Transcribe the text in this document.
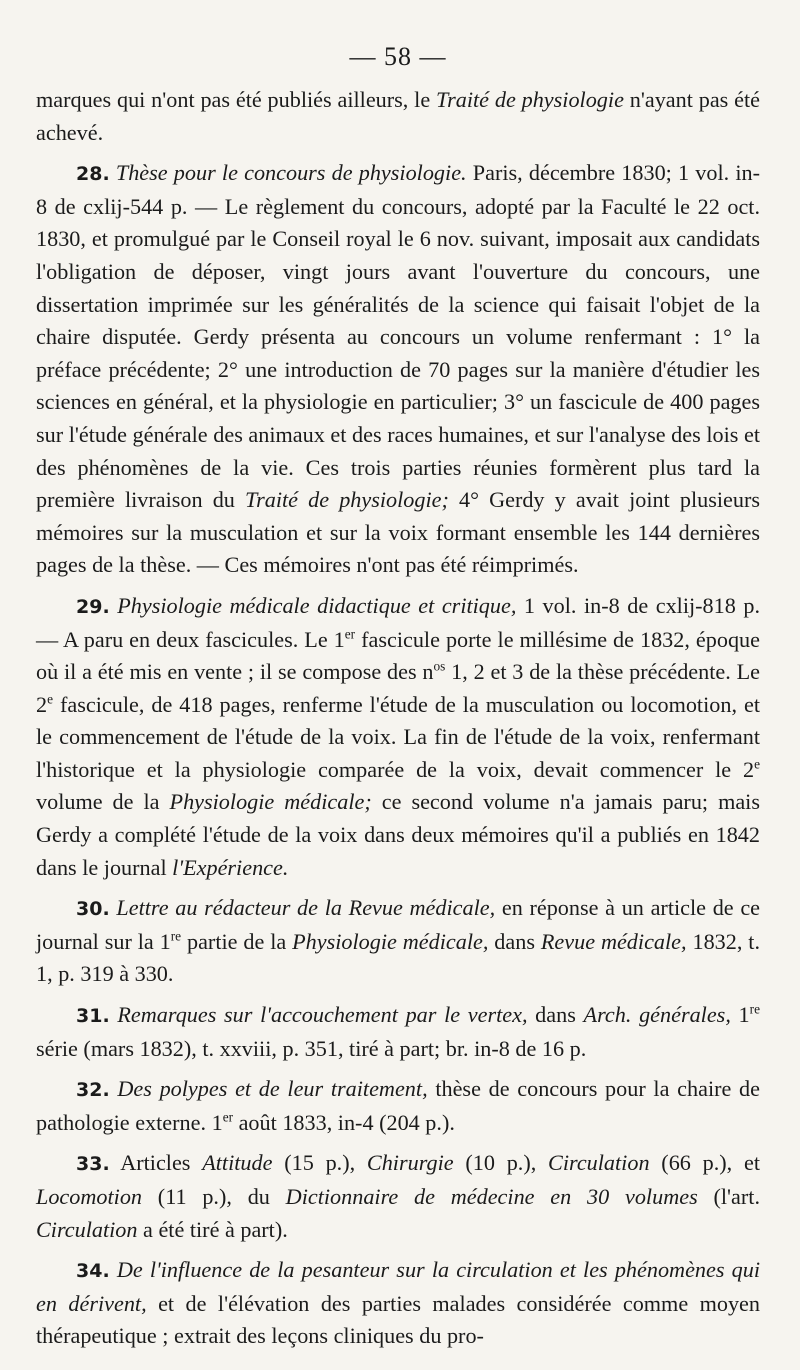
— 58 —

marques qui n'ont pas été publiés ailleurs, le Traité de physiologie n'ayant pas été achevé.

28. Thèse pour le concours de physiologie. Paris, décembre 1830; 1 vol. in-8 de cxlij-544 p. — Le règlement du concours, adopté par la Faculté le 22 oct. 1830, et promulgué par le Conseil royal le 6 nov. suivant, imposait aux candidats l'obligation de déposer, vingt jours avant l'ouverture du concours, une dissertation imprimée sur les généralités de la science qui faisait l'objet de la chaire disputée. Gerdy présenta au concours un volume renfermant : 1° la préface précédente; 2° une introduction de 70 pages sur la manière d'étudier les sciences en général, et la physiologie en particulier; 3° un fascicule de 400 pages sur l'étude générale des animaux et des races humaines, et sur l'analyse des lois et des phénomènes de la vie. Ces trois parties réunies formèrent plus tard la première livraison du Traité de physiologie; 4° Gerdy y avait joint plusieurs mémoires sur la musculation et sur la voix formant ensemble les 144 dernières pages de la thèse. — Ces mémoires n'ont pas été réimprimés.

29. Physiologie médicale didactique et critique, 1 vol. in-8 de cxlij-818 p. — A paru en deux fascicules. Le 1er fascicule porte le millésime de 1832, époque où il a été mis en vente ; il se compose des $n^{os}$ 1, 2 et 3 de la thèse précédente. Le 2e fascicule, de 418 pages, renferme l'étude de la musculation ou locomotion, et le commencement de l'étude de la voix. La fin de l'étude de la voix, renfermant l'historique et la physiologie comparée de la voix, devait commencer le 2e volume de la Physiologie médicale; ce second volume n'a jamais paru; mais Gerdy a complété l'étude de la voix dans deux mémoires qu'il a publiés en 1842 dans le journal l'Expérience.

30. Lettre au rédacteur de la Revue médicale, en réponse à un article de ce journal sur la 1re partie de la Physiologie médicale, dans Revue médicale, 1832, t. 1, p. 319 à 330.

31. Remarques sur l'accouchement par le vertex, dans Arch. générales, 1re série (mars 1832), t. xxviii, p. 351, tiré à part; br. in-8 de 16 p.

32. Des polypes et de leur traitement, thèse de concours pour la chaire de pathologie externe. 1er août 1833, in-4 (204 p.).

33. Articles Attitude (15 p.), Chirurgie (10 p.), Circulation (66 p.), et Locomotion (11 p.), du Dictionnaire de médecine en 30 volumes (l'art. Circulation a été tiré à part).

34. De l'influence de la pesanteur sur la circulation et les phénomènes qui en dérivent, et de l'élévation des parties malades considérée comme moyen thérapeutique ; extrait des leçons cliniques du pro-
